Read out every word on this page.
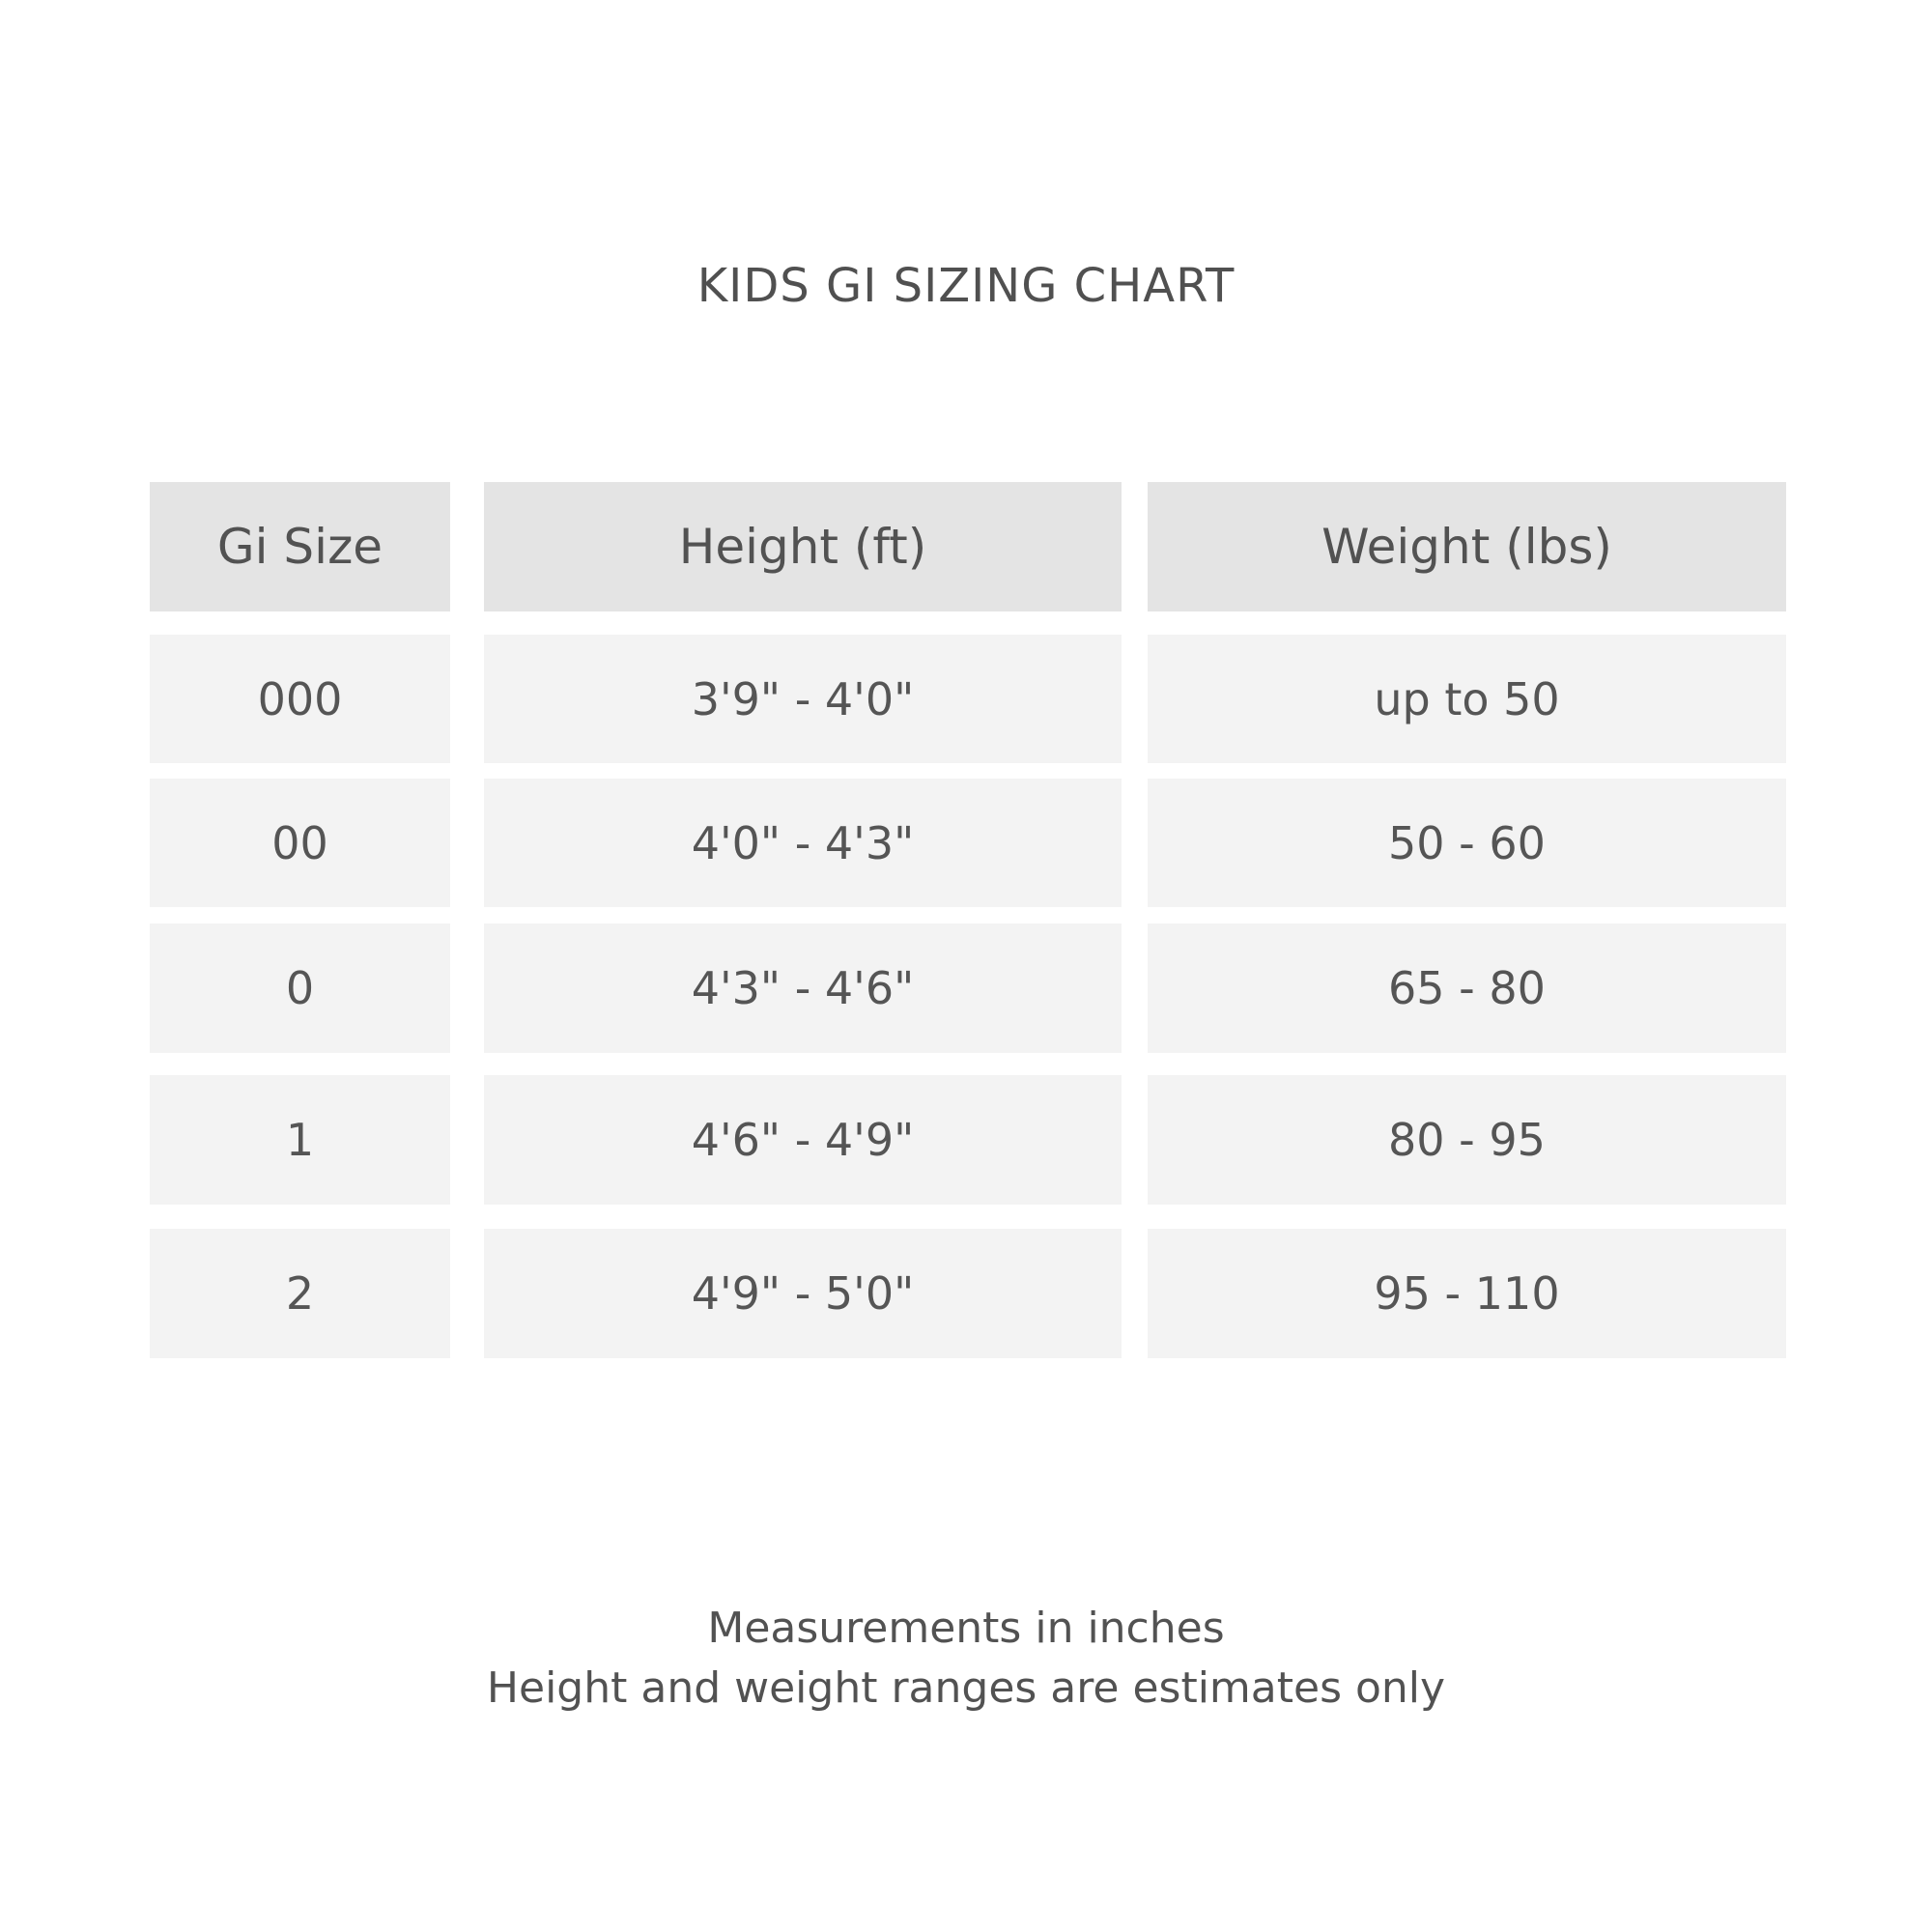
KIDS GI SIZING CHART
Gi Size	Height (ft)	Weight (lbs)
000	3'9" - 4'0"	up to 50
00	4'0" - 4'3"	50 - 60
0	4'3" - 4'6"	65 - 80
1	4'6" - 4'9"	80 - 95
2	4'9" - 5'0"	95 - 110
Measurements in inches
Height and weight ranges are estimates only
